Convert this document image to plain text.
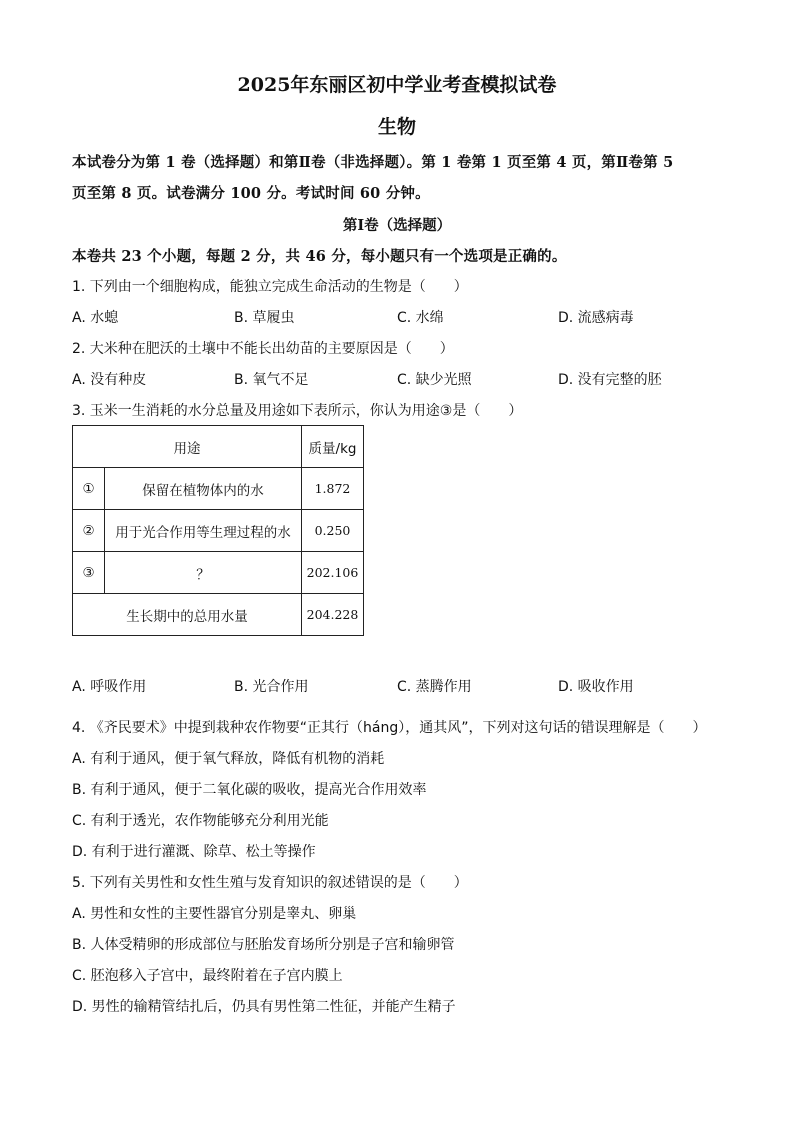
2025年东丽区初中学业考查模拟试卷
生物
本试卷分为第 1 卷（选择题）和第Ⅱ卷（非选择题）。第 1 卷第 1 页至第 4 页，第Ⅱ卷第 5
页至第 8 页。试卷满分 100 分。考试时间 60 分钟。
第Ⅰ卷（选择题）
本卷共 23 个小题，每题 2 分，共 46 分，每小题只有一个选项是正确的。
1. 下列由一个细胞构成，能独立完成生命活动的生物是（　　）
A. 水螅	B. 草履虫	C. 水绵	D. 流感病毒
2. 大米种在肥沃的土壤中不能长出幼苗的主要原因是（　　）
A. 没有种皮	B. 氧气不足	C. 缺少光照	D. 没有完整的胚
3. 玉米一生消耗的水分总量及用途如下表所示，你认为用途③是（　　）
用途		质量/kg
①	保留在植物体内的水	1.872
②	用于光合作用等生理过程的水	0.250
③	？	202.106
生长期中的总用水量		204.228
A. 呼吸作用	B. 光合作用	C. 蒸腾作用	D. 吸收作用
4. 《齐民要术》中提到栽种农作物要“正其行（háng），通其风”，下列对这句话的错误理解是（　　）
A. 有利于通风，便于氧气释放，降低有机物的消耗
B. 有利于通风，便于二氧化碳的吸收，提高光合作用效率
C. 有利于透光，农作物能够充分利用光能
D. 有利于进行灌溉、除草、松土等操作
5. 下列有关男性和女性生殖与发育知识的叙述错误的是（　　）
A. 男性和女性的主要性器官分别是睾丸、卵巢
B. 人体受精卵的形成部位与胚胎发育场所分别是子宫和输卵管
C. 胚泡移入子宫中，最终附着在子宫内膜上
D. 男性的输精管结扎后，仍具有男性第二性征，并能产生精子
